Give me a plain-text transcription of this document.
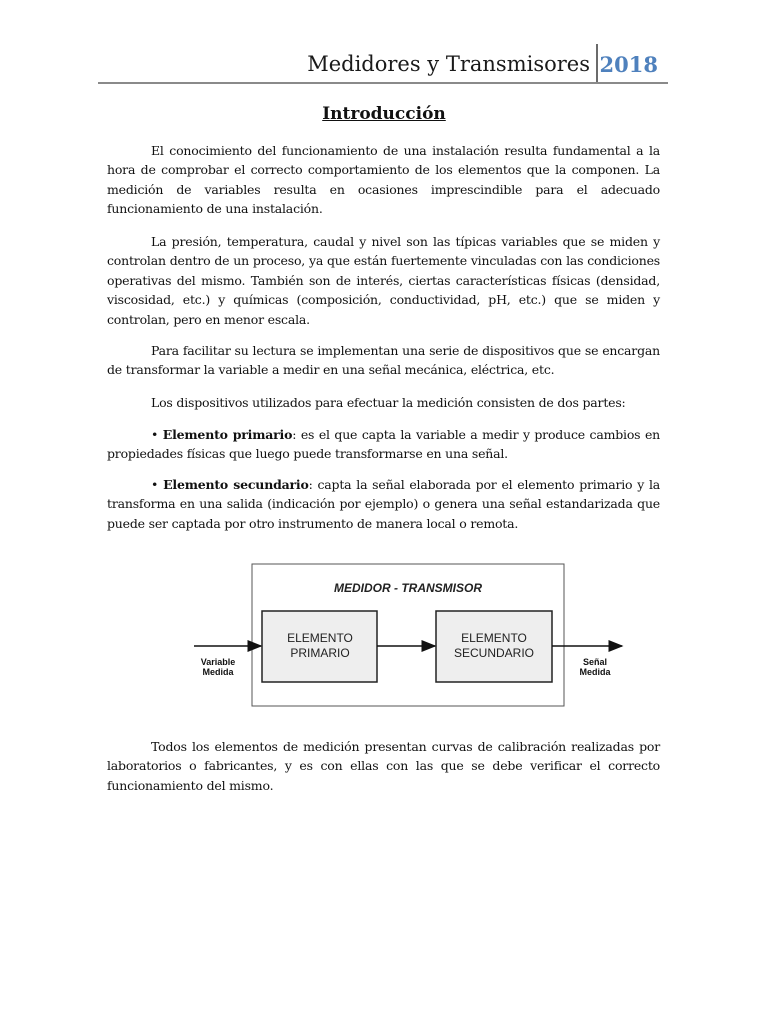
Medidores y Transmisores 2018
Introducción

El conocimiento del funcionamiento de una instalación resulta fundamental a la hora de comprobar el correcto comportamiento de los elementos que la componen. La medición de variables resulta en ocasiones imprescindible para el adecuado funcionamiento de una instalación.

La presión, temperatura, caudal y nivel son las típicas variables que se miden y controlan dentro de un proceso, ya que están fuertemente vinculadas con las condiciones operativas del mismo. También son de interés, ciertas características físicas (densidad, viscosidad, etc.) y químicas (composición, conductividad, pH, etc.) que se miden y controlan, pero en menor escala.

Para facilitar su lectura se implementan una serie de dispositivos que se encargan de transformar la variable a medir en una señal mecánica, eléctrica, etc.

Los dispositivos utilizados para efectuar la medición consisten de dos partes:

• Elemento primario: es el que capta la variable a medir y produce cambios en propiedades físicas que luego puede transformarse en una señal.

• Elemento secundario: capta la señal elaborada por el elemento primario y la transforma en una salida (indicación por ejemplo) o genera una señal estandarizada que puede ser captada por otro instrumento de manera local o remota.

MEDIDOR - TRANSMISOR
ELEMENTO
PRIMARIO
ELEMENTO
SECUNDARIO
Variable
Medida
Señal
Medida

Todos los elementos de medición presentan curvas de calibración realizadas por laboratorios o fabricantes, y es con ellas con las que se debe verificar el correcto funcionamiento del mismo.
